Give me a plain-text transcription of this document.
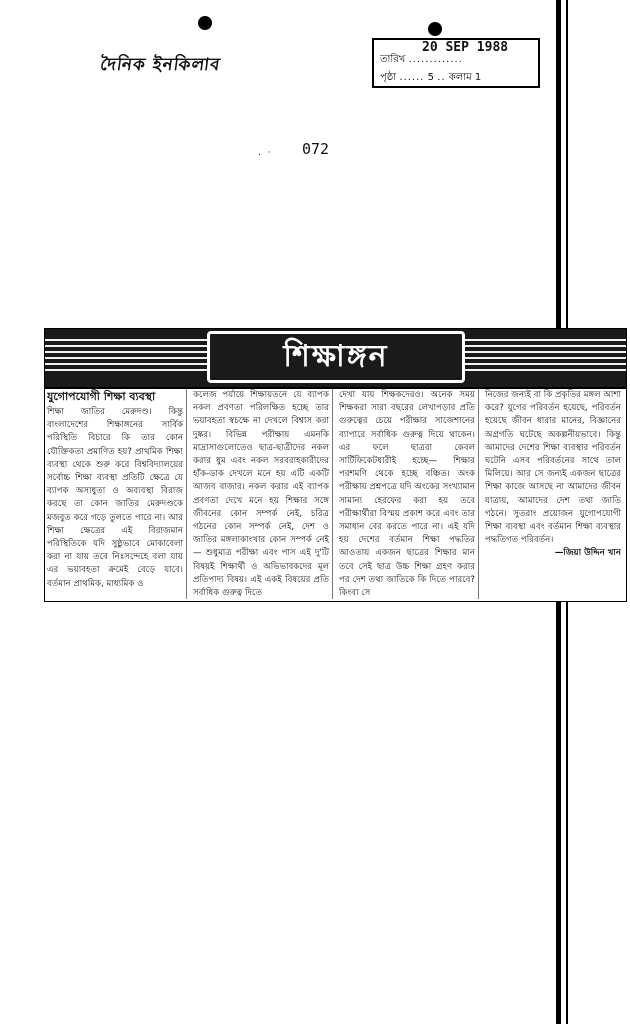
দৈনিক ইনকিলাব
20 SEP 1988
তারিখ .............
পৃষ্ঠা ...... 5 .. কলাম 1
. · 072
শিক্ষাঙ্গন
যুগোপযোগী শিক্ষা ব্যবস্থা
শিক্ষা জাতির মেরুদণ্ড। কিন্তু বাংলাদেশের শিক্ষাঙ্গনের সার্বিক পরিস্থিতি বিচারে কি তার কোন যৌক্তিকতা প্রমাণিত হয়? প্রাথমিক শিক্ষা ব্যবস্থা থেকে শুরু করে বিশ্ববিদ্যালয়ের সর্বোচ্চ শিক্ষা ব্যবস্থা প্রতিটি ক্ষেত্রে যে ব্যাপক অসাধুতা ও অব্যবস্থা বিরাজ করছে তা কোন জাতির মেরুদণ্ডকে মজবুত করে গড়ে তুলতে পারে না। আর শিক্ষা ক্ষেত্রের এই বিরাজমান পরিস্থিতিকে যদি সুষ্ঠুভাবে মোকাবেলা করা না যায় তবে নিঃসন্দেহে বলা যায় এর ভয়াবহতা ক্রমেই বেড়ে যাবে। বর্তমান প্রাথমিক, মাধ্যমিক ও
কলেজ পর্যায়ে শিক্ষায়তনে যে ব্যাপক নকল প্রবণতা পরিলক্ষিত হচ্ছে তার ভয়াবহতা স্বচক্ষে না দেখলে বিশ্বাস করা দুষ্কর। বিভিন্ন পরীক্ষায় এমনকি মাদ্রাসাগুলোতেও ছাত্র-ছাত্রীদের নকল করার ধুম এবং নকল সরবরাহকারীদের হাঁক-ডাক দেখলে মনে হয় এটি একটি আজব বাজার। নকল করার এই ব্যাপক প্রবণতা দেখে মনে হয় শিক্ষার সঙ্গে জীবনের কোন সম্পর্ক নেই, চরিত্র গঠনের কোন সম্পর্ক নেই, দেশ ও জাতির মঙ্গলাকাংখার কোন সম্পর্ক নেই— শুধুমাত্র পরীক্ষা এবং পাস এই দু'টি বিষয়ই শিক্ষার্থী ও অভিভাবকদের মূল প্রতিপাদ্য বিষয়। এই একই বিষয়ের প্রতি সর্বাধিক গুরুত্ব দিতে
দেখা যায় শিক্ষকদেরও। অনেক সময় শিক্ষকরা সারা বছরের লেখাপড়ার প্রতি গুরুত্বের চেয়ে পরীক্ষার সাজেশানের ব্যাপারে সর্বাধিক গুরুত্ব দিয়ে থাকেন। এর ফলে ছাত্ররা কেবল সার্টিফিকেটধারীই হচ্ছে— শিক্ষার পরশমণি থেকে হচ্ছে বঞ্চিত। অংক পরীক্ষায় প্রশ্নপত্রে যদি অংকের সংখ্যামান সামান্য হেরফের করা হয় তবে পরীক্ষার্থীরা বিস্ময় প্রকাশ করে এবং তার সমাধান বের করতে পারে না। এই যদি হয় দেশের বর্তমান শিক্ষা পদ্ধতির আওতায় একজন ছাত্রের শিক্ষার মান তবে সেই ছাত্র উচ্চ শিক্ষা গ্রহণ করার পর দেশ তথা জাতিকে কি দিতে পারবে? কিংবা সে
নিজের জন্যই বা কি প্রকৃতির মঙ্গল আশা করে? যুগের পরিবর্তন হয়েছে, পরিবর্তন হয়েছে জীবন ধারার মানের, বিজ্ঞানের অগ্রগতি ঘটেছে অকল্পনীয়ভাবে। কিন্তু আমাদের দেশের শিক্ষা ব্যবস্থার পরিবর্তন ঘটেনি এসব পরিবর্তনের সাথে তাল মিলিয়ে। আর সে জন্যই একজন ছাত্রের শিক্ষা কাজে আসছে না আমাদের জীবন যাত্রায়, আমাদের দেশ তথা জাতি গঠনে। সুতরাং প্রয়োজন যুগোপযোগী শিক্ষা ব্যবস্থা এবং বর্তমান শিক্ষা ব্যবস্থার পদ্ধতিগত পরিবর্তন।
—জিয়া উদ্দিন খান
